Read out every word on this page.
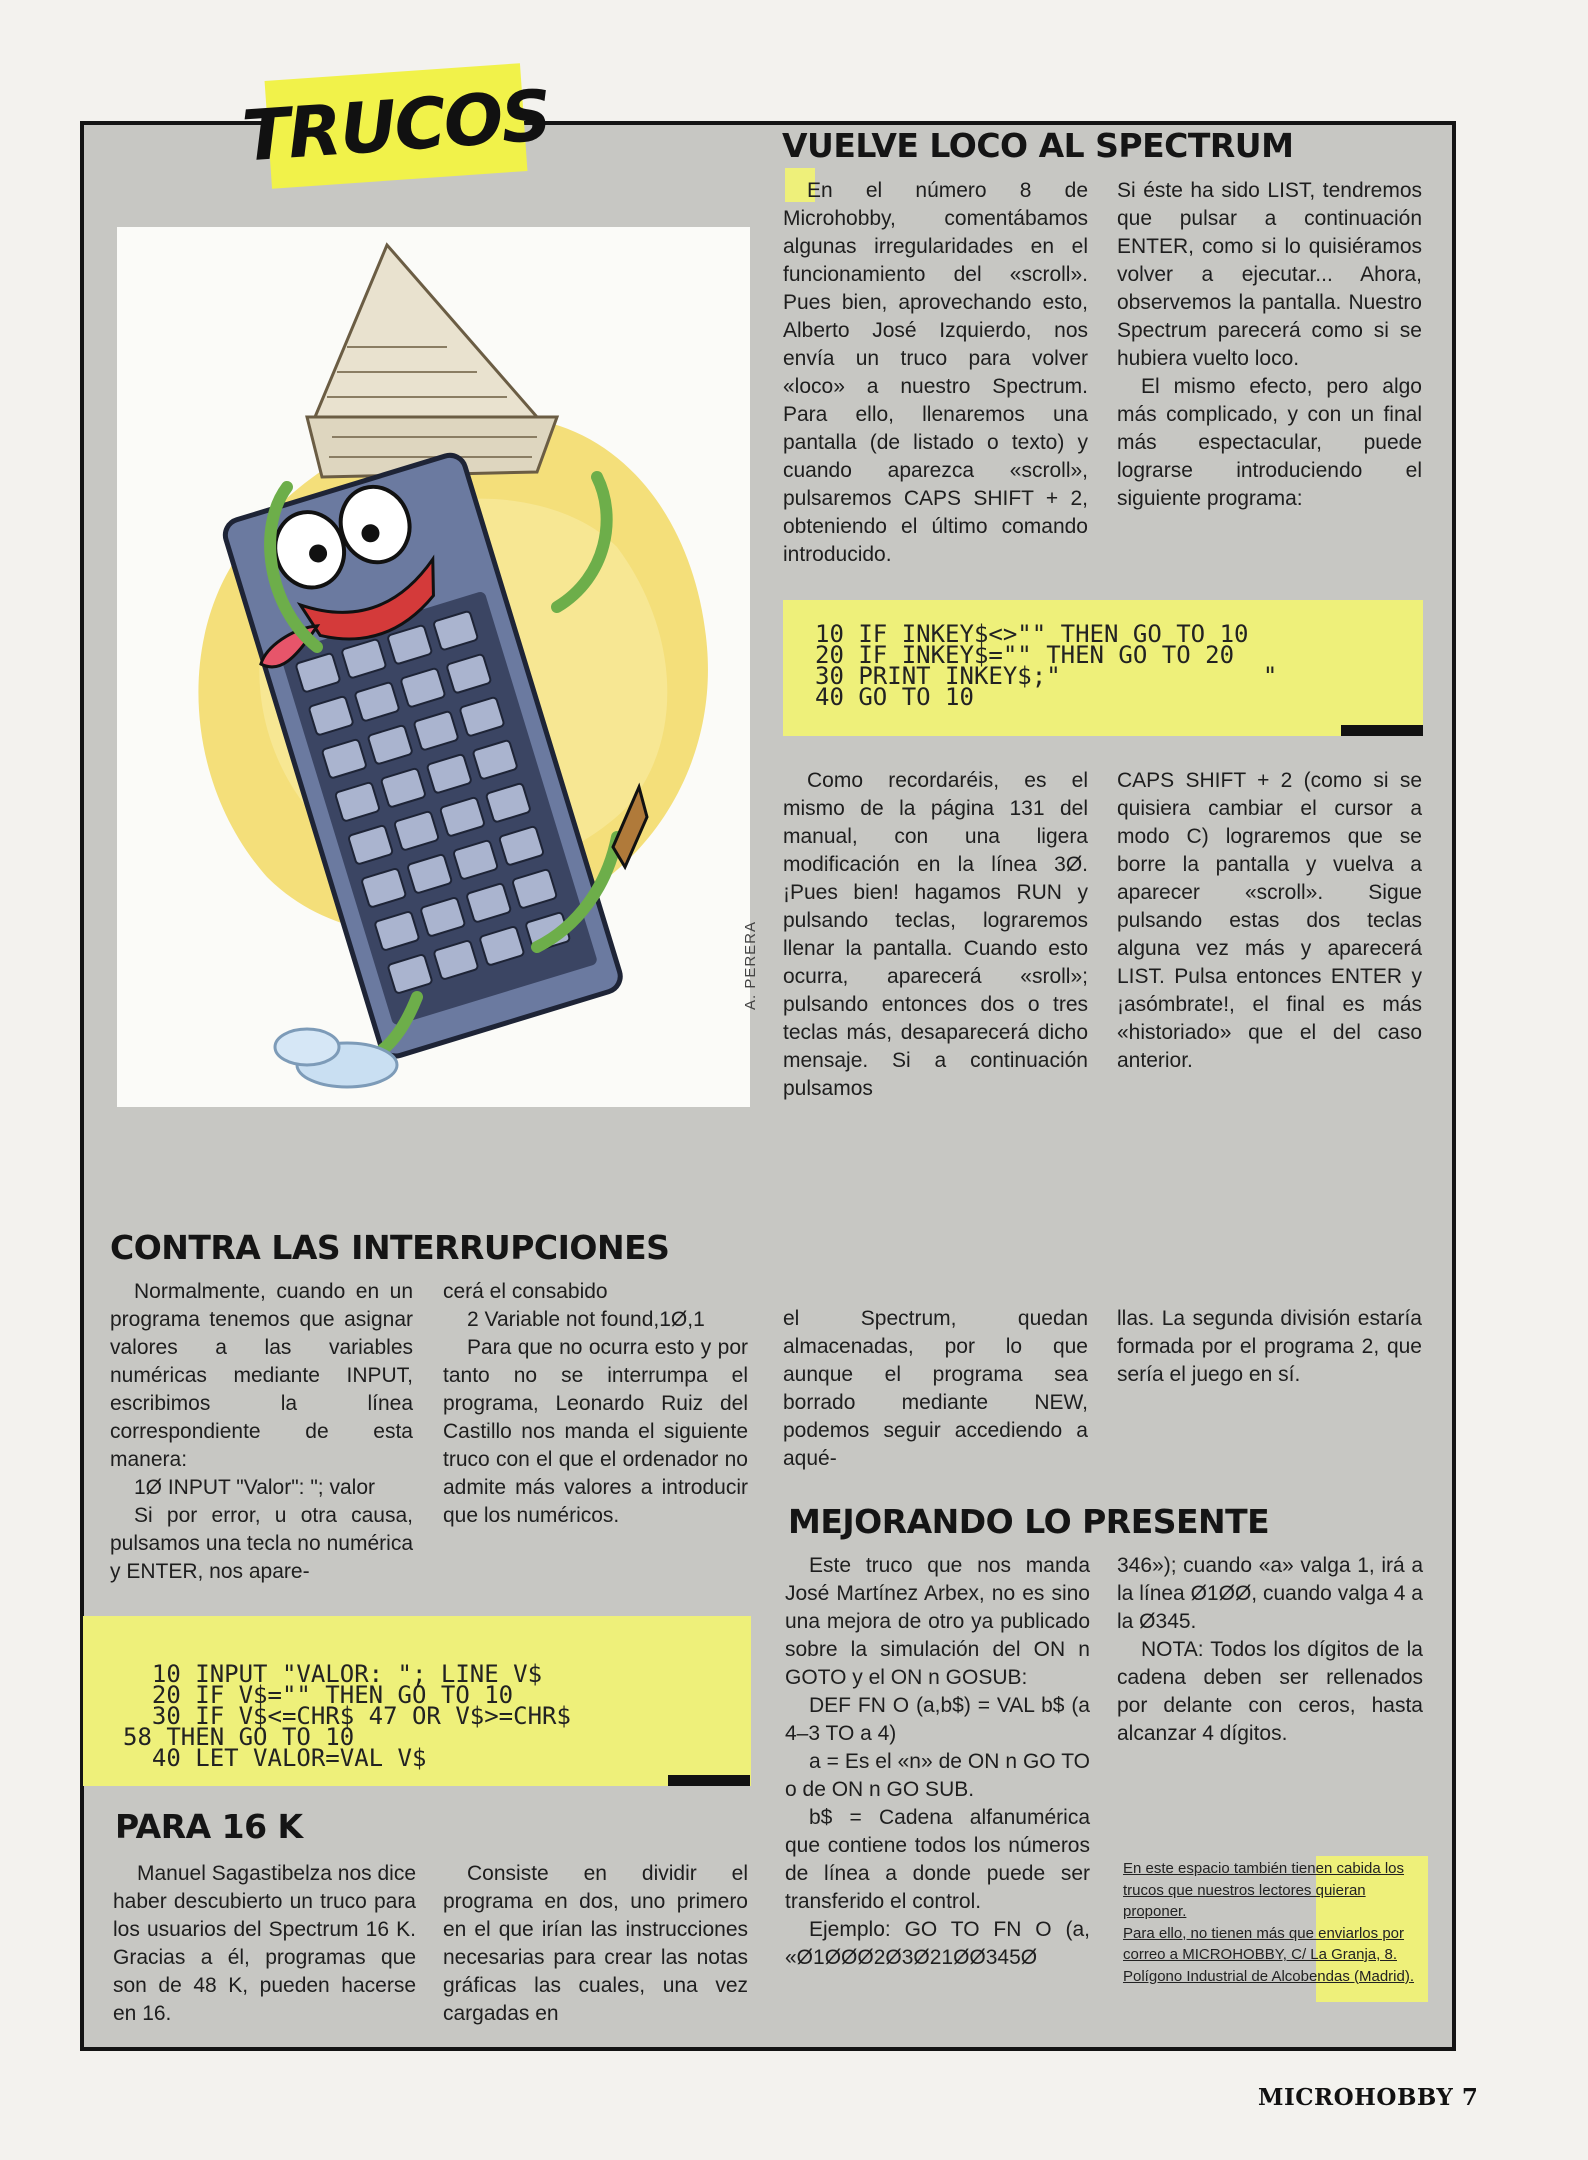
TRUCOS
A. PERERA
VUELVE LOCO AL SPECTRUM

En el número 8 de Microhobby, comentábamos algunas irregularidades en el funcionamiento del «scroll». Pues bien, aprovechando esto, Alberto José Izquierdo, nos envía un truco para volver «loco» a nuestro Spectrum. Para ello, llenaremos una pantalla (de listado o texto) y cuando aparezca «scroll», pulsaremos CAPS SHIFT + 2, obteniendo el último comando introducido.

Si éste ha sido LIST, tendremos que pulsar a continuación ENTER, como si lo quisiéramos volver a ejecutar... Ahora, observemos la pantalla. Nuestro Spectrum parecerá como si se hubiera vuelto loco.

El mismo efecto, pero algo más complicado, y con un final más espectacular, puede lograrse introduciendo el siguiente programa:

10 IF INKEY$<>"" THEN GO TO 10
20 IF INKEY$="" THEN GO TO 20
30 PRINT INKEY$;"              "
40 GO TO 10

Como recordaréis, es el mismo de la página 131 del manual, con una ligera modificación en la línea 3Ø. ¡Pues bien! hagamos RUN y pulsando teclas, lograremos llenar la pantalla. Cuando esto ocurra, aparecerá «sroll»; pulsando entonces dos o tres teclas más, desaparecerá dicho mensaje. Si a continuación pulsamos

CAPS SHIFT + 2 (como si se quisiera cambiar el cursor a modo C) lograremos que se borre la pantalla y vuelva a aparecer «scroll». Sigue pulsando estas dos teclas alguna vez más y aparecerá LIST. Pulsa entonces ENTER y ¡asómbrate!, el final es más «historiado» que el del caso anterior.

CONTRA LAS INTERRUPCIONES

Normalmente, cuando en un programa tenemos que asignar valores a las variables numéricas mediante INPUT, escribimos la línea correspondiente de esta manera:

1Ø INPUT "Valor": "; valor

Si por error, u otra causa, pulsamos una tecla no numérica y ENTER, nos apare-

cerá el consabido

2 Variable not found,1Ø,1

Para que no ocurra esto y por tanto no se interrumpa el programa, Leonardo Ruiz del Castillo nos manda el siguiente truco con el que el ordenador no admite más valores a introducir que los numéricos.

10 INPUT "VALOR: "; LINE V$
20 IF V$="" THEN GO TO 10
30 IF V$<=CHR$ 47 OR V$>=CHR$
58 THEN GO TO 10
40 LET VALOR=VAL V$

el Spectrum, quedan almacenadas, por lo que aunque el programa sea borrado mediante NEW, podemos seguir accediendo a aqué-

llas. La segunda división estaría formada por el programa 2, que sería el juego en sí.

PARA 16 K

Manuel Sagastibelza nos dice haber descubierto un truco para los usuarios del Spectrum 16 K. Gracias a él, programas que son de 48 K, pueden hacerse en 16.

Consiste en dividir el programa en dos, uno primero en el que irían las instrucciones necesarias para crear las notas gráficas las cuales, una vez cargadas en

MEJORANDO LO PRESENTE

Este truco que nos manda José Martínez Arbex, no es sino una mejora de otro ya publicado sobre la simulación del ON n GOTO y el ON n GOSUB:

DEF FN O (a,b$) = VAL b$ (a 4–3 TO a 4)

a = Es el «n» de ON n GO TO o de ON n GO SUB.

b$ = Cadena alfanumérica que contiene todos los números de línea a donde puede ser transferido el control.

Ejemplo: GO TO FN O (a, «Ø1ØØØ2Ø3Ø21ØØ345Ø

346»); cuando «a» valga 1, irá a la línea Ø1ØØ, cuando valga 4 a la Ø345.

NOTA: Todos los dígitos de la cadena deben ser rellenados por delante con ceros, hasta alcanzar 4 dígitos.

En este espacio también tienen cabida los trucos que nuestros lectores quieran proponer.

Para ello, no tienen más que enviarlos por correo a MICROHOBBY, C/ La Granja, 8. Polígono Industrial de Alcobendas (Madrid).

MICROHOBBY 7
